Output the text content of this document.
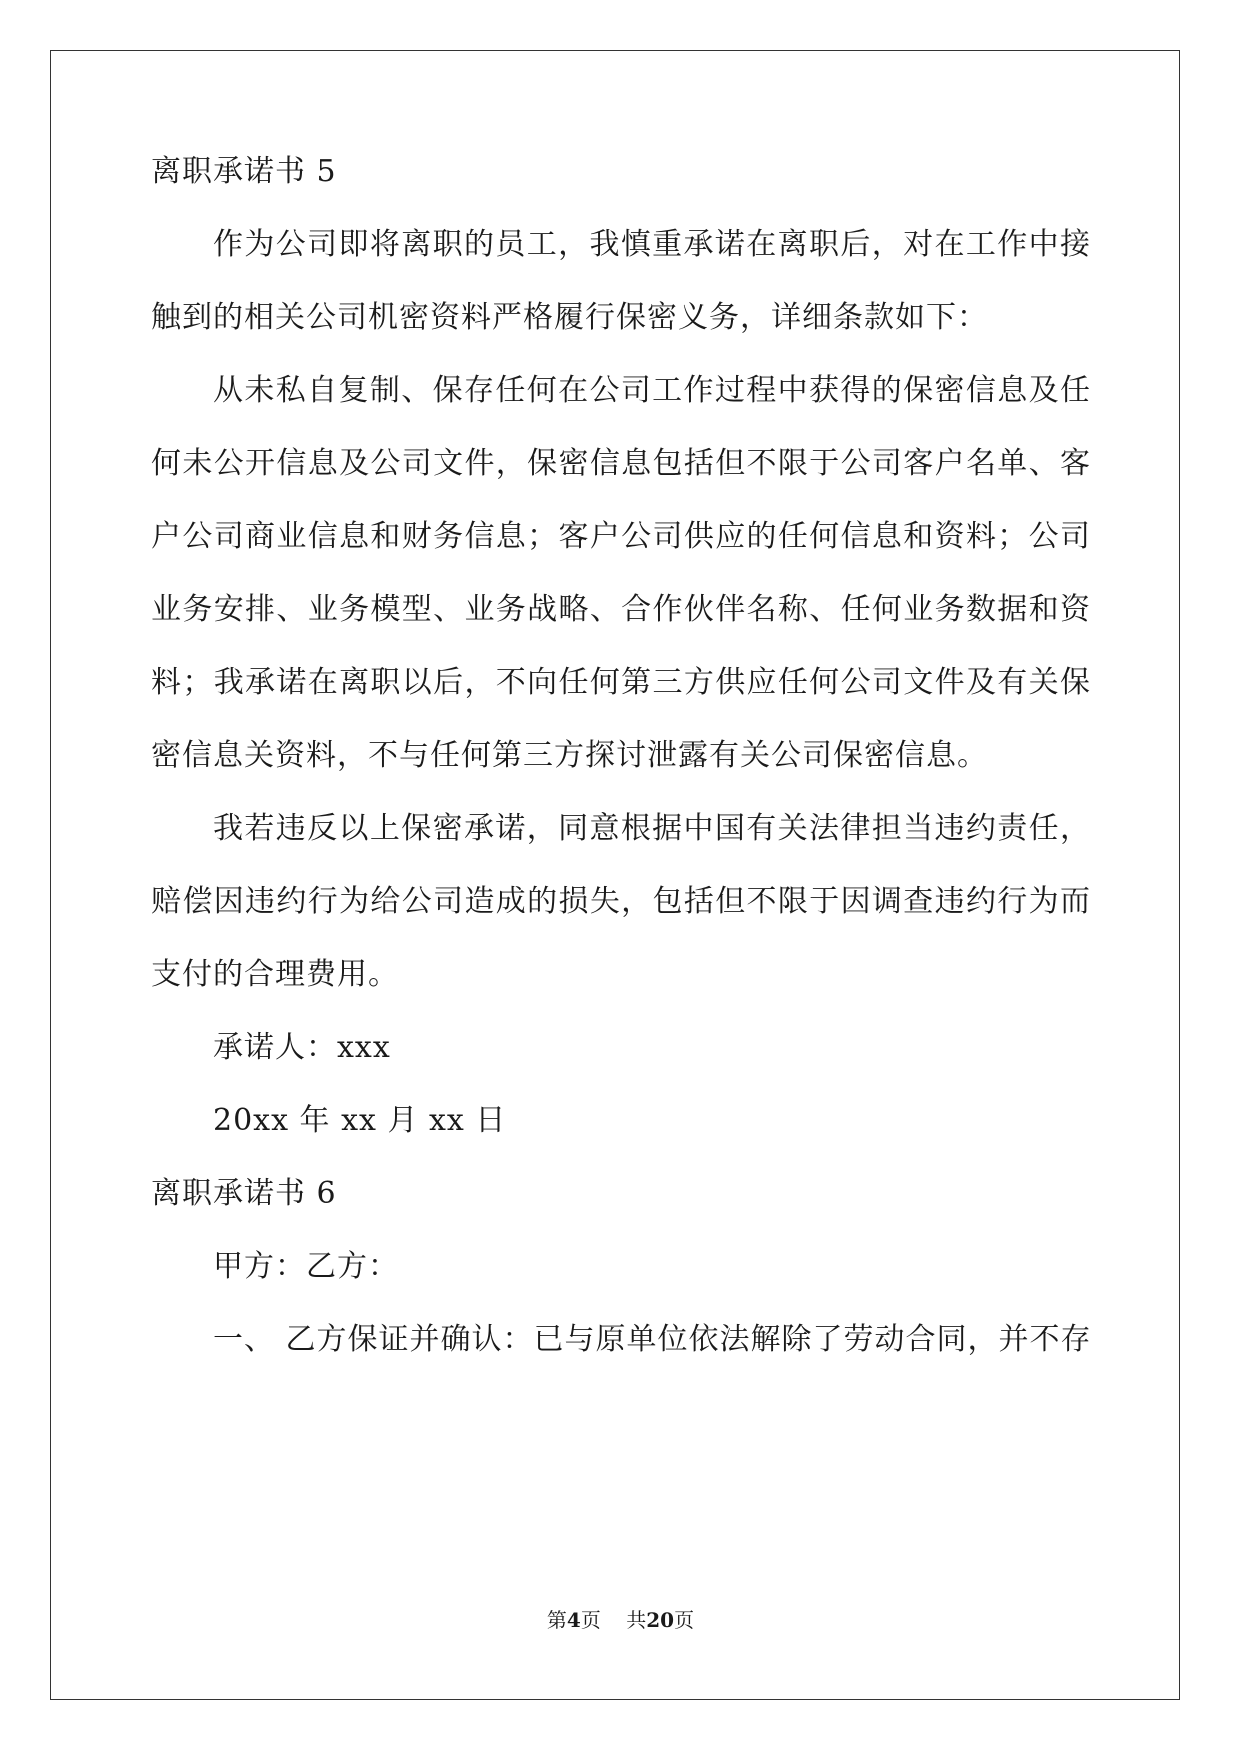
离职承诺书 5
作为公司即将离职的员工，我慎重承诺在离职后，对在工作中接
触到的相关公司机密资料严格履行保密义务，详细条款如下：
从未私自复制、保存任何在公司工作过程中获得的保密信息及任
何未公开信息及公司文件，保密信息包括但不限于公司客户名单、客
户公司商业信息和财务信息；客户公司供应的任何信息和资料；公司
业务安排、业务模型、业务战略、合作伙伴名称、任何业务数据和资
料；我承诺在离职以后，不向任何第三方供应任何公司文件及有关保
密信息关资料，不与任何第三方探讨泄露有关公司保密信息。
我若违反以上保密承诺，同意根据中国有关法律担当违约责任，
赔偿因违约行为给公司造成的损失，包括但不限于因调查违约行为而
支付的合理费用。
承诺人：xxx
20xx 年 xx 月 xx 日
离职承诺书 6
甲方：乙方：
一、 乙方保证并确认：已与原单位依法解除了劳动合同，并不存
第4页    共20页
